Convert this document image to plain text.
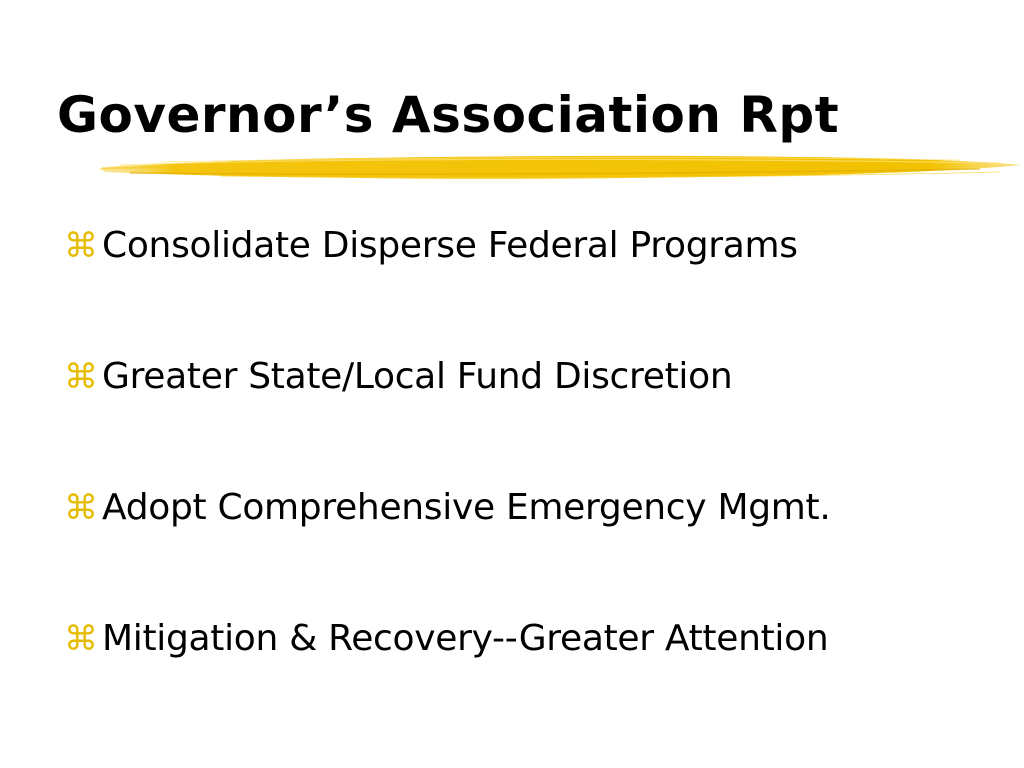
Governor’s Association Rpt
⌘ Consolidate Disperse Federal Programs
⌘ Greater State/Local Fund Discretion
⌘ Adopt Comprehensive Emergency Mgmt.
⌘ Mitigation & Recovery--Greater Attention
